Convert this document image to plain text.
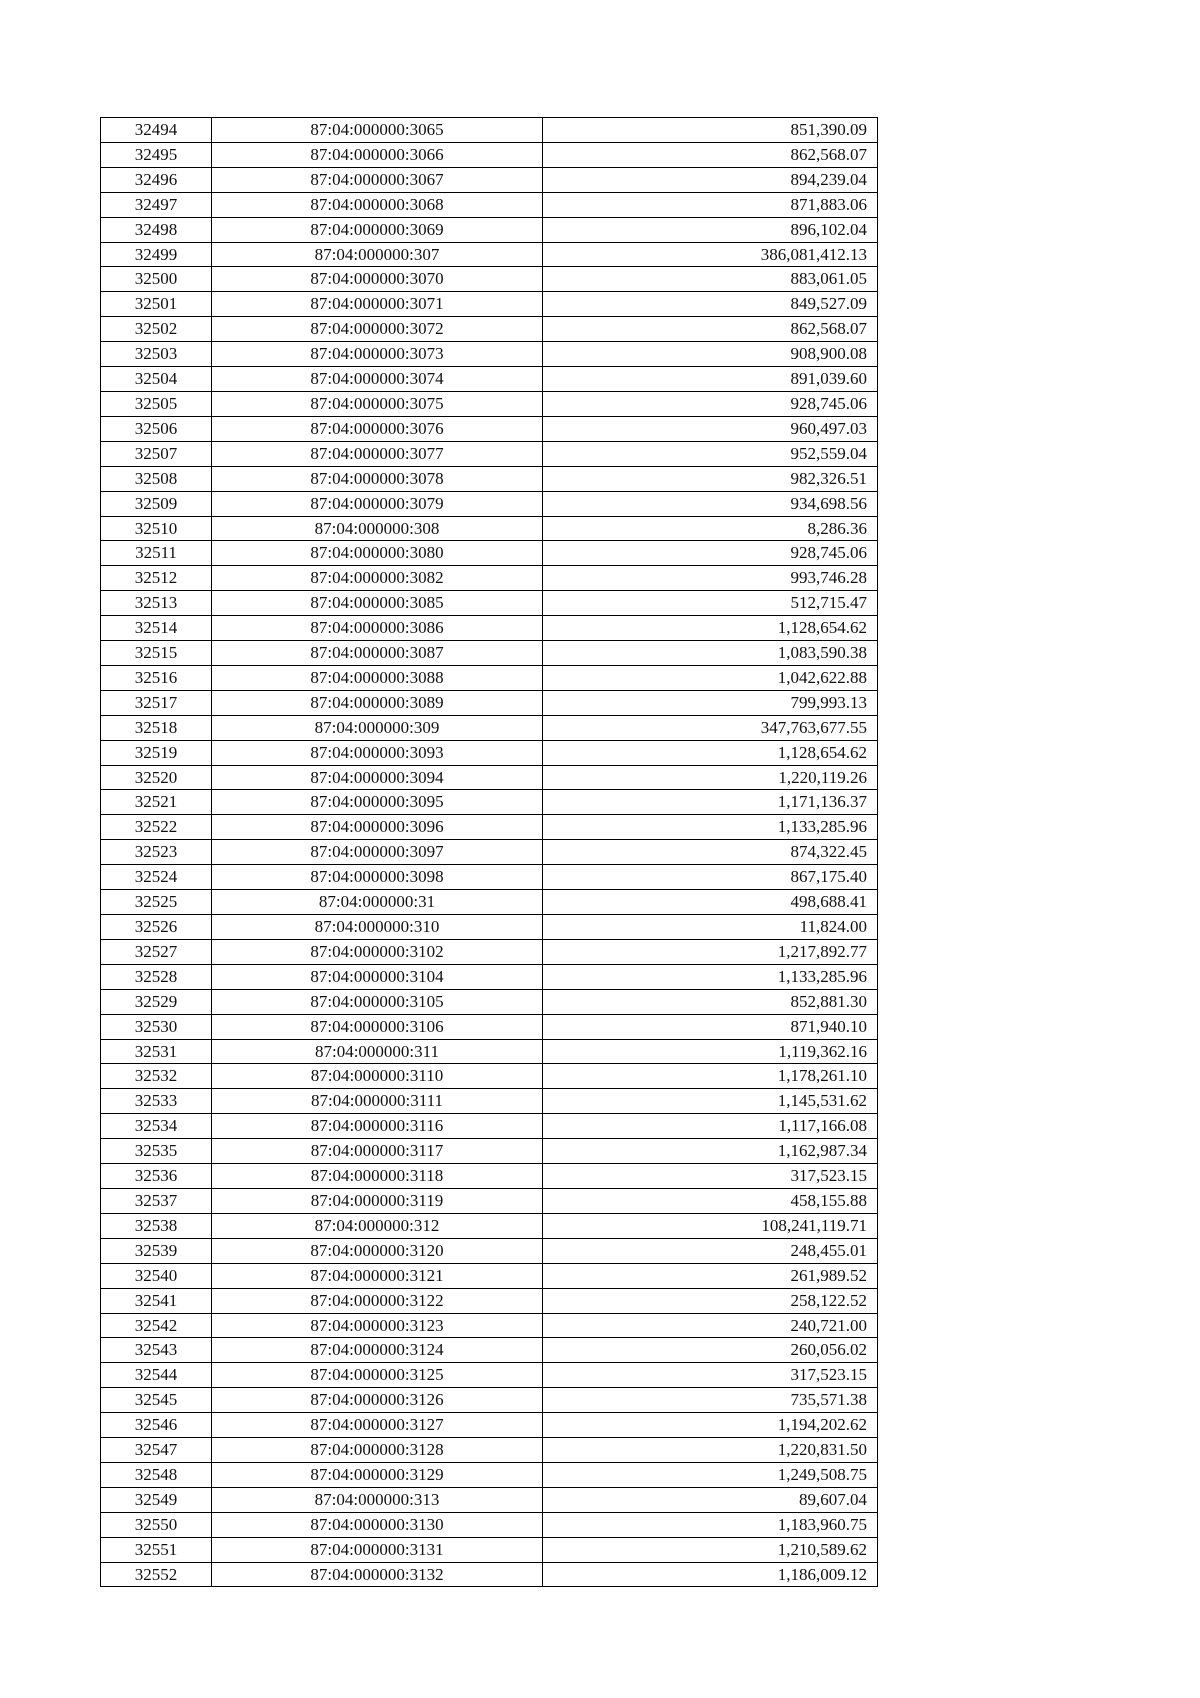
32494	87:04:000000:3065	851,390.09
32495	87:04:000000:3066	862,568.07
32496	87:04:000000:3067	894,239.04
32497	87:04:000000:3068	871,883.06
32498	87:04:000000:3069	896,102.04
32499	87:04:000000:307	386,081,412.13
32500	87:04:000000:3070	883,061.05
32501	87:04:000000:3071	849,527.09
32502	87:04:000000:3072	862,568.07
32503	87:04:000000:3073	908,900.08
32504	87:04:000000:3074	891,039.60
32505	87:04:000000:3075	928,745.06
32506	87:04:000000:3076	960,497.03
32507	87:04:000000:3077	952,559.04
32508	87:04:000000:3078	982,326.51
32509	87:04:000000:3079	934,698.56
32510	87:04:000000:308	8,286.36
32511	87:04:000000:3080	928,745.06
32512	87:04:000000:3082	993,746.28
32513	87:04:000000:3085	512,715.47
32514	87:04:000000:3086	1,128,654.62
32515	87:04:000000:3087	1,083,590.38
32516	87:04:000000:3088	1,042,622.88
32517	87:04:000000:3089	799,993.13
32518	87:04:000000:309	347,763,677.55
32519	87:04:000000:3093	1,128,654.62
32520	87:04:000000:3094	1,220,119.26
32521	87:04:000000:3095	1,171,136.37
32522	87:04:000000:3096	1,133,285.96
32523	87:04:000000:3097	874,322.45
32524	87:04:000000:3098	867,175.40
32525	87:04:000000:31	498,688.41
32526	87:04:000000:310	11,824.00
32527	87:04:000000:3102	1,217,892.77
32528	87:04:000000:3104	1,133,285.96
32529	87:04:000000:3105	852,881.30
32530	87:04:000000:3106	871,940.10
32531	87:04:000000:311	1,119,362.16
32532	87:04:000000:3110	1,178,261.10
32533	87:04:000000:3111	1,145,531.62
32534	87:04:000000:3116	1,117,166.08
32535	87:04:000000:3117	1,162,987.34
32536	87:04:000000:3118	317,523.15
32537	87:04:000000:3119	458,155.88
32538	87:04:000000:312	108,241,119.71
32539	87:04:000000:3120	248,455.01
32540	87:04:000000:3121	261,989.52
32541	87:04:000000:3122	258,122.52
32542	87:04:000000:3123	240,721.00
32543	87:04:000000:3124	260,056.02
32544	87:04:000000:3125	317,523.15
32545	87:04:000000:3126	735,571.38
32546	87:04:000000:3127	1,194,202.62
32547	87:04:000000:3128	1,220,831.50
32548	87:04:000000:3129	1,249,508.75
32549	87:04:000000:313	89,607.04
32550	87:04:000000:3130	1,183,960.75
32551	87:04:000000:3131	1,210,589.62
32552	87:04:000000:3132	1,186,009.12
